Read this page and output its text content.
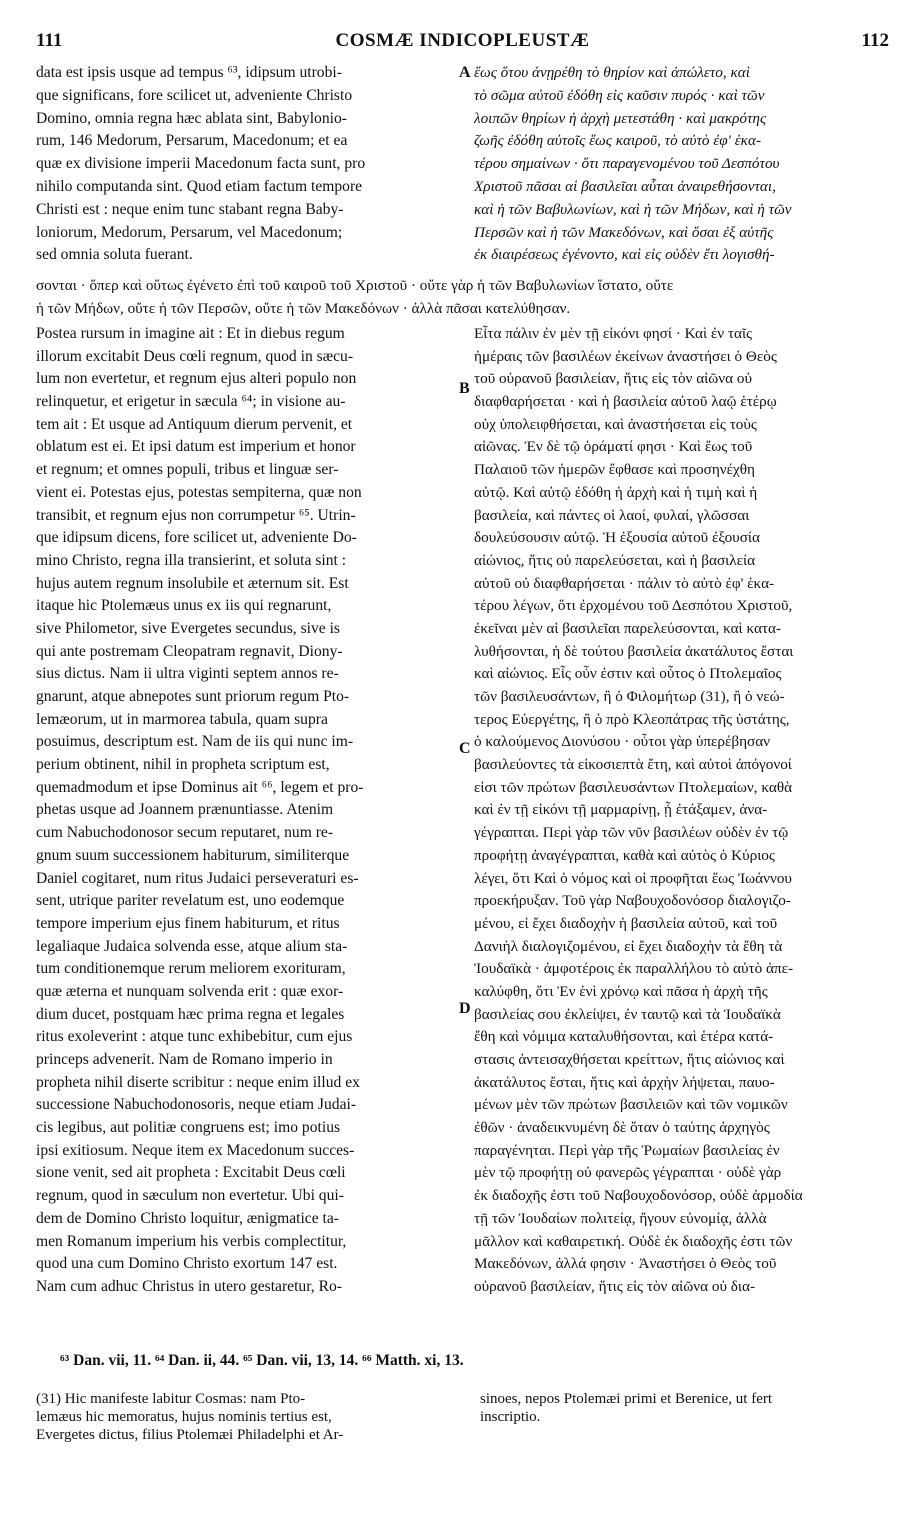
111	COSMÆ INDICOPLEUSTÆ	112
data est ipsis usque ad tempus ⁶³, idipsum utrobi-
que significans, fore scilicet ut, adveniente Christo
Domino, omnia regna hæc ablata sint, Babylonio-
rum, 146 Medorum, Persarum, Macedonum; et ea
quæ ex divisione imperii Macedonum facta sunt, pro
nihilo computanda sint. Quod etiam factum tempore
Christi est : neque enim tunc stabant regna Baby-
loniorum, Medorum, Persarum, vel Macedonum;
sed omnia soluta fuerant.
ἕως ὅτου ἀνῃρέθη τὸ θηρίον καὶ ἀπώλετο, καὶ
τὸ σῶμα αὐτοῦ ἐδόθη εἰς καῦσιν πυρός · καὶ τῶν
λοιπῶν θηρίων ἡ ἀρχὴ μετεστάθη · καὶ μακρότης
ζωῆς ἐδόθη αὐτοῖς ἕως καιροῦ, τὸ αὐτὸ ἐφ' ἑκα-
τέρου σημαίνων · ὅτι παραγενομένου τοῦ Δεσπότου
Χριστοῦ πᾶσαι αἱ βασιλεῖαι αὗται ἀναιρεθήσονται,
καὶ ἡ τῶν Βαβυλωνίων, καὶ ἡ τῶν Μήδων, καὶ ἡ τῶν
Περσῶν καὶ ἡ τῶν Μακεδόνων, καὶ ὅσαι ἐξ αὐτῆς
ἐκ διαιρέσεως ἐγένοντο, καὶ εἰς οὐδὲν ἔτι λογισθή-
σονται · ὅπερ καὶ οὕτως ἐγένετο ἐπὶ τοῦ καιροῦ τοῦ Χριστοῦ · οὔτε γὰρ ἡ τῶν Βαβυλωνίων ἵστατο, οὔτε
ἡ τῶν Μήδων, οὔτε ἡ τῶν Περσῶν, οὔτε ἡ τῶν Μακεδόνων · ἀλλὰ πᾶσαι κατελύθησαν.
Postea rursum in imagine ait : Et in diebus regum
illorum excitabit Deus cœli regnum, quod in sæcu-
lum non evertetur, et regnum ejus alteri populo non
relinquetur, et erigetur in sæcula ⁶⁴; in visione au-
tem ait : Et usque ad Antiquum dierum pervenit, et
oblatum est ei. Et ipsi datum est imperium et honor
et regnum; et omnes populi, tribus et linguæ ser-
vient ei. Potestas ejus, potestas sempiterna, quæ non
transibit, et regnum ejus non corrumpetur ⁶⁵. Utrin-
que idipsum dicens, fore scilicet ut, adveniente Do-
mino Christo, regna illa transierint, et soluta sint :
hujus autem regnum insolubile et æternum sit. Est
itaque hic Ptolemæus unus ex iis qui regnarunt,
sive Philometor, sive Evergetes secundus, sive is
qui ante postremam Cleopatram regnavit, Diony-
sius dictus. Nam ii ultra viginti septem annos re-
gnarunt, atque abnepotes sunt priorum regum Pto-
lemæorum, ut in marmorea tabula, quam supra
posuimus, descriptum est. Nam de iis qui nunc im-
perium obtinent, nihil in propheta scriptum est,
quemadmodum et ipse Dominus ait ⁶⁶, legem et pro-
phetas usque ad Joannem prænuntiasse. Atenim
cum Nabuchodonosor secum reputaret, num re-
gnum suum successionem habiturum, similiterque
Daniel cogitaret, num ritus Judaici perseveraturi es-
sent, utrique pariter revelatum est, uno eodemque
tempore imperium ejus finem habiturum, et ritus
legaliaque Judaica solvenda esse, atque alium sta-
tum conditionemque rerum meliorem exorituram,
quæ æterna et nunquam solvenda erit : quæ exor-
dium ducet, postquam hæc prima regna et legales
ritus exoleverint : atque tunc exhibebitur, cum ejus
princeps advenerit. Nam de Romano imperio in
propheta nihil diserte scribitur : neque enim illud ex
successione Nabuchodonosoris, neque etiam Judai-
cis legibus, aut politiæ congruens est; imo potius
ipsi exitiosum. Neque item ex Macedonum succes-
sione venit, sed ait propheta : Excitabit Deus cœli
regnum, quod in sæculum non evertetur. Ubi qui-
dem de Domino Christo loquitur, ænigmatice ta-
men Romanum imperium his verbis complectitur,
quod una cum Domino Christo exortum 147 est.
Nam cum adhuc Christus in utero gestaretur, Ro-
Εἶτα πάλιν ἐν μὲν τῇ εἰκόνι φησί · Καὶ ἐν ταῖς
ἡμέραις τῶν βασιλέων ἐκείνων ἀναστήσει ὁ Θεὸς
τοῦ οὐρανοῦ βασιλείαν, ἥτις εἰς τὸν αἰῶνα οὐ
διαφθαρήσεται · καὶ ἡ βασιλεία αὐτοῦ λαῷ ἑτέρῳ
οὐχ ὑπολειφθήσεται, καὶ ἀναστήσεται εἰς τοὺς
αἰῶνας. Ἐν δὲ τῷ ὁράματί φησι · Καὶ ἕως τοῦ
Παλαιοῦ τῶν ἡμερῶν ἔφθασε καὶ προσηνέχθη
αὐτῷ. Καὶ αὐτῷ ἐδόθη ἡ ἀρχὴ καὶ ἡ τιμὴ καὶ ἡ
βασιλεία, καὶ πάντες οἱ λαοί, φυλαί, γλῶσσαι
δουλεύσουσιν αὐτῷ. Ἡ ἐξουσία αὐτοῦ ἐξουσία
αἰώνιος, ἥτις οὐ παρελεύσεται, καὶ ἡ βασιλεία
αὐτοῦ οὐ διαφθαρήσεται · πάλιν τὸ αὐτὸ ἐφ' ἑκα-
τέρου λέγων, ὅτι ἐρχομένου τοῦ Δεσπότου Χριστοῦ,
ἐκεῖναι μὲν αἱ βασιλεῖαι παρελεύσονται, καὶ κατα-
λυθήσονται, ἡ δὲ τούτου βασιλεία ἀκατάλυτος ἔσται
καὶ αἰώνιος. Εἷς οὖν ἐστιν καὶ οὗτος ὁ Πτολεμαῖος
τῶν βασιλευσάντων, ἢ ὁ Φιλομήτωρ (31), ἢ ὁ νεώ-
τερος Εὐεργέτης, ἢ ὁ πρὸ Κλεοπάτρας τῆς ὑστάτης,
ὁ καλούμενος Διονύσου · οὗτοι γὰρ ὑπερέβησαν
βασιλεύοντες τὰ εἰκοσιεπτὰ ἔτη, καὶ αὐτοὶ ἀπόγονοί
εἰσι τῶν πρώτων βασιλευσάντων Πτολεμαίων, καθὰ
καὶ ἐν τῇ εἰκόνι τῇ μαρμαρίνῃ, ᾗ ἐτάξαμεν, ἀνα-
γέγραπται. Περὶ γὰρ τῶν νῦν βασιλέων οὐδὲν ἐν τῷ
προφήτῃ ἀναγέγραπται, καθὰ καὶ αὐτὸς ὁ Κύριος
λέγει, ὅτι Καὶ ὁ νόμος καὶ οἱ προφῆται ἕως Ἰωάννου
προεκήρυξαν. Τοῦ γὰρ Ναβουχοδονόσορ διαλογιζο-
μένου, εἰ ἔχει διαδοχὴν ἡ βασιλεία αὐτοῦ, καὶ τοῦ
Δανιὴλ διαλογιζομένου, εἰ ἔχει διαδοχὴν τὰ ἔθη τὰ
Ἰουδαϊκὰ · ἀμφοτέροις ἐκ παραλλήλου τὸ αὐτὸ ἀπε-
καλύφθη, ὅτι Ἐν ἑνὶ χρόνῳ καὶ πᾶσα ἡ ἀρχὴ τῆς
βασιλείας σου ἐκλείψει, ἐν ταυτῷ καὶ τὰ Ἰουδαϊκὰ
ἔθη καὶ νόμιμα καταλυθήσονται, καὶ ἑτέρα κατά-
στασις ἀντεισαχθήσεται κρείττων, ἥτις αἰώνιος καὶ
ἀκατάλυτος ἔσται, ἥτις καὶ ἀρχὴν λήψεται, παυο-
μένων μὲν τῶν πρώτων βασιλειῶν καὶ τῶν νομικῶν
ἐθῶν · ἀναδεικνυμένη δὲ ὅταν ὁ ταύτης ἀρχηγὸς
παραγένηται. Περὶ γὰρ τῆς Ῥωμαίων βασιλείας ἐν
μὲν τῷ προφήτῃ οὐ φανερῶς γέγραπται · οὐδὲ γὰρ
ἐκ διαδοχῆς ἐστι τοῦ Ναβουχοδονόσορ, οὐδὲ ἁρμοδία
τῇ τῶν Ἰουδαίων πολιτείᾳ, ἤγουν εὐνομίᾳ, ἀλλὰ
μᾶλλον καὶ καθαιρετική. Οὐδὲ ἐκ διαδοχῆς ἐστι τῶν
Μακεδόνων, ἀλλά φησιν · Ἀναστήσει ὁ Θεὸς τοῦ
οὐρανοῦ βασιλείαν, ἥτις εἰς τὸν αἰῶνα οὐ δια-
A
B
C
D
⁶³ Dan. vii, 11. ⁶⁴ Dan. ii, 44. ⁶⁵ Dan. vii, 13, 14. ⁶⁶ Matth. xi, 13.
(31) Hic manifeste labitur Cosmas: nam Pto-
lemæus hic memoratus, hujus nominis tertius est,
Evergetes dictus, filius Ptolemæi Philadelphi et Ar-
sinoes, nepos Ptolemæi primi et Berenice, ut fert
inscriptio.
